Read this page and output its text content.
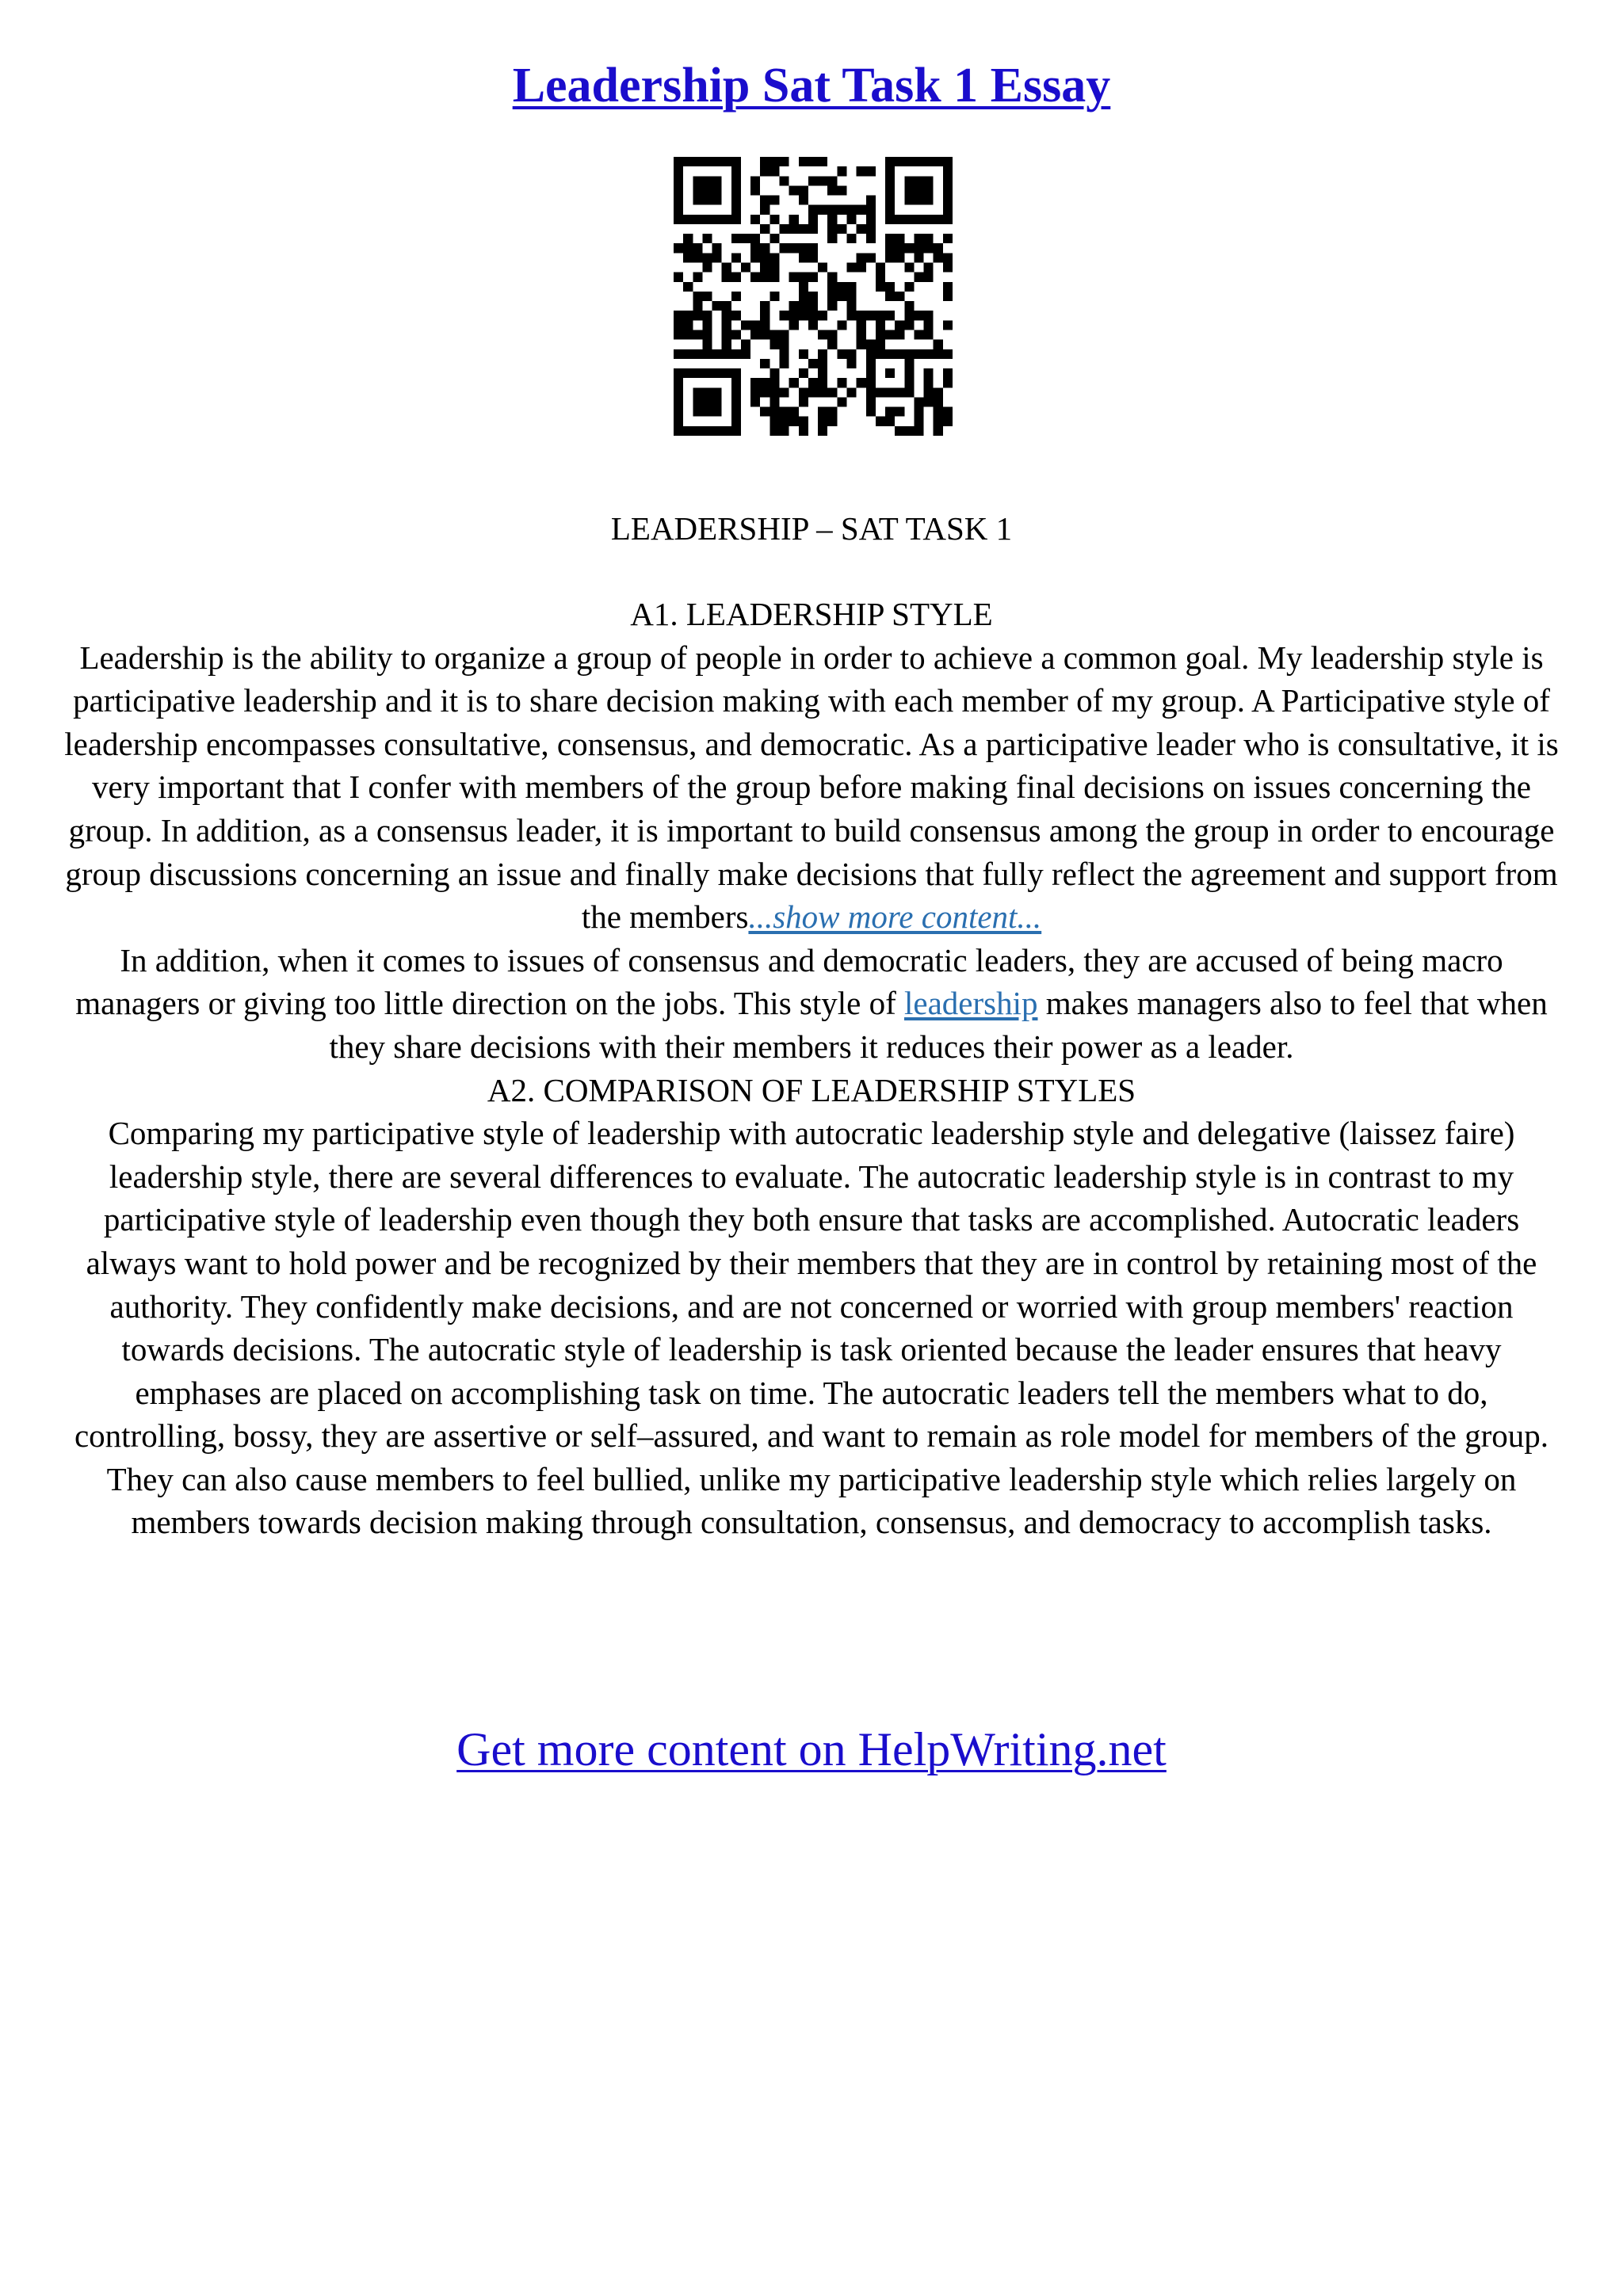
Leadership Sat Task 1 Essay
LEADERSHIP – SAT TASK 1

A1. LEADERSHIP STYLE

Leadership is the ability to organize a group of people in order to achieve a common goal. My leadership style is participative leadership and it is to share decision making with each member of my group. A Participative style of leadership encompasses consultative, consensus, and democratic. As a participative leader who is consultative, it is very important that I confer with members of the group before making final decisions on issues concerning the group. In addition, as a consensus leader, it is important to build consensus among the group in order to encourage group discussions concerning an issue and finally make decisions that fully reflect the agreement and support from the members...show more content...

In addition, when it comes to issues of consensus and democratic leaders, they are accused of being macro managers or giving too little direction on the jobs. This style of leadership makes managers also to feel that when they share decisions with their members it reduces their power as a leader.

A2. COMPARISON OF LEADERSHIP STYLES

Comparing my participative style of leadership with autocratic leadership style and delegative (laissez faire) leadership style, there are several differences to evaluate. The autocratic leadership style is in contrast to my participative style of leadership even though they both ensure that tasks are accomplished. Autocratic leaders always want to hold power and be recognized by their members that they are in control by retaining most of the authority. They confidently make decisions, and are not concerned or worried with group members' reaction towards decisions. The autocratic style of leadership is task oriented because the leader ensures that heavy emphases are placed on accomplishing task on time. The autocratic leaders tell the members what to do, controlling, bossy, they are assertive or self–assured, and want to remain as role model for members of the group. They can also cause members to feel bullied, unlike my participative leadership style which relies largely on members towards decision making through consultation, consensus, and democracy to accomplish tasks.

Get more content on HelpWriting.net
